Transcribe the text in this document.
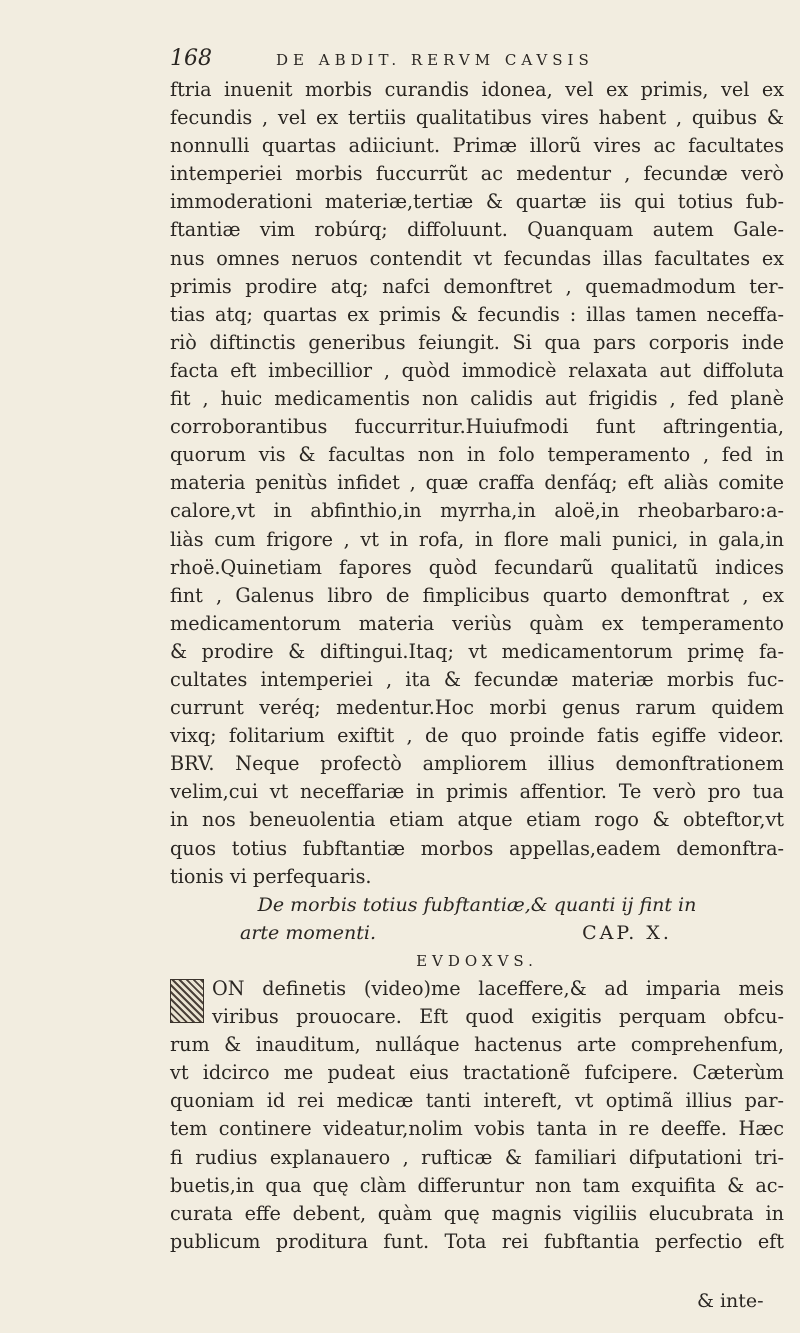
168	DE ABDIT. RERVM CAVSIS
ftria inuenit morbis curandis idonea, vel ex primis, vel ex
fecundis , vel ex tertiis qualitatibus vires habent , quibus &
nonnulli quartas adiiciunt. Primæ illorũ vires ac facultates
intemperiei morbis fuccurrũt ac medentur , fecundæ verò
immoderationi materiæ,tertiæ & quartæ iis qui totius fub-
ftantiæ vim robúrq; diffoluunt. Quanquam autem Gale-
nus omnes neruos contendit vt fecundas illas facultates ex
primis prodire atq; nafci demonftret , quemadmodum ter-
tias atq; quartas ex primis & fecundis : illas tamen neceffa-
riò diftinctis generibus feiungit. Si qua pars corporis inde
facta eft imbecillior , quòd immodicè relaxata aut diffoluta
fit , huic medicamentis non calidis aut frigidis , fed planè
corroborantibus fuccurritur.Huiufmodi funt aftringentia,
quorum vis & facultas non in folo temperamento , fed in
materia penitùs infidet , quæ craffa denfáq; eft aliàs comite
calore,vt in abfinthio,in myrrha,in aloë,in rheobarbaro:a-
liàs cum frigore , vt in rofa, in flore mali punici, in gala,in
rhoë.Quinetiam fapores quòd fecundarũ qualitatũ indices
fint , Galenus libro de fimplicibus quarto demonftrat , ex
medicamentorum materia veriùs quàm ex temperamento
& prodire & diftingui.Itaq; vt medicamentorum primę fa-
cultates intemperiei , ita & fecundæ materiæ morbis fuc-
currunt veréq; medentur.Hoc morbi genus rarum quidem
vixq; folitarium exiftit , de quo proinde fatis egiffe videor.
BRV. Neque profectò ampliorem illius demonftrationem
velim,cui vt neceffariæ in primis affentior. Te verò pro tua
in nos beneuolentia etiam atque etiam rogo & obteftor,vt
quos totius fubftantiæ morbos appellas,eadem demonftra-
tionis vi perfequaris.
De morbis totius fubftantiæ,& quanti ij fint in
arte momenti.	CAP. X.
EVDOXVS.
ON definetis (video)me laceffere,& ad imparia meis
viribus prouocare. Eft quod exigitis perquam obfcu-
rum & inauditum, nulláque hactenus arte comprehenfum,
vt idcirco me pudeat eius tractationẽ fufcipere. Cæterùm
quoniam id rei medicæ tanti intereft, vt optimã illius par-
tem continere videatur,nolim vobis tanta in re deeffe. Hæc
fi rudius explanauero , rufticæ & familiari difputationi tri-
buetis,in qua quę clàm differuntur non tam exquifita & ac-
curata effe debent, quàm quę magnis vigiliis elucubrata in
publicum proditura funt. Tota rei fubftantia perfectio eft
& inte-
